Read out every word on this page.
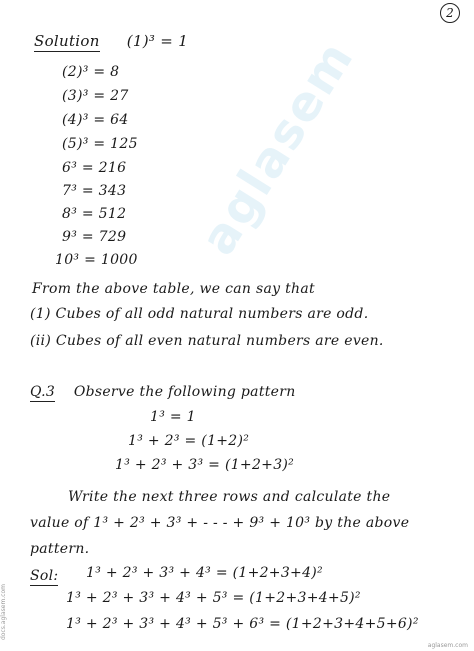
2
aglasem
Solution (1)³ = 1
(2)³ = 8
(3)³ = 27
(4)³ = 64
(5)³ = 125
6³ = 216
7³ = 343
8³ = 512
9³ = 729
10³ = 1000
From the above table, we can say that
(1) Cubes of all odd natural numbers are odd.
(ii) Cubes of all even natural numbers are even.
Q.3 Observe the following pattern
1³ = 1
1³ + 2³ = (1+2)²
1³ + 2³ + 3³ = (1+2+3)²
Write the next three rows and calculate the
value of 1³ + 2³ + 3³ + - - - + 9³ + 10³ by the above
pattern.
Sol: 1³ + 2³ + 3³ + 4³ = (1+2+3+4)²
1³ + 2³ + 3³ + 4³ + 5³ = (1+2+3+4+5)²
1³ + 2³ + 3³ + 4³ + 5³ + 6³ = (1+2+3+4+5+6)²
docs.aglasem.com
aglasem.com
